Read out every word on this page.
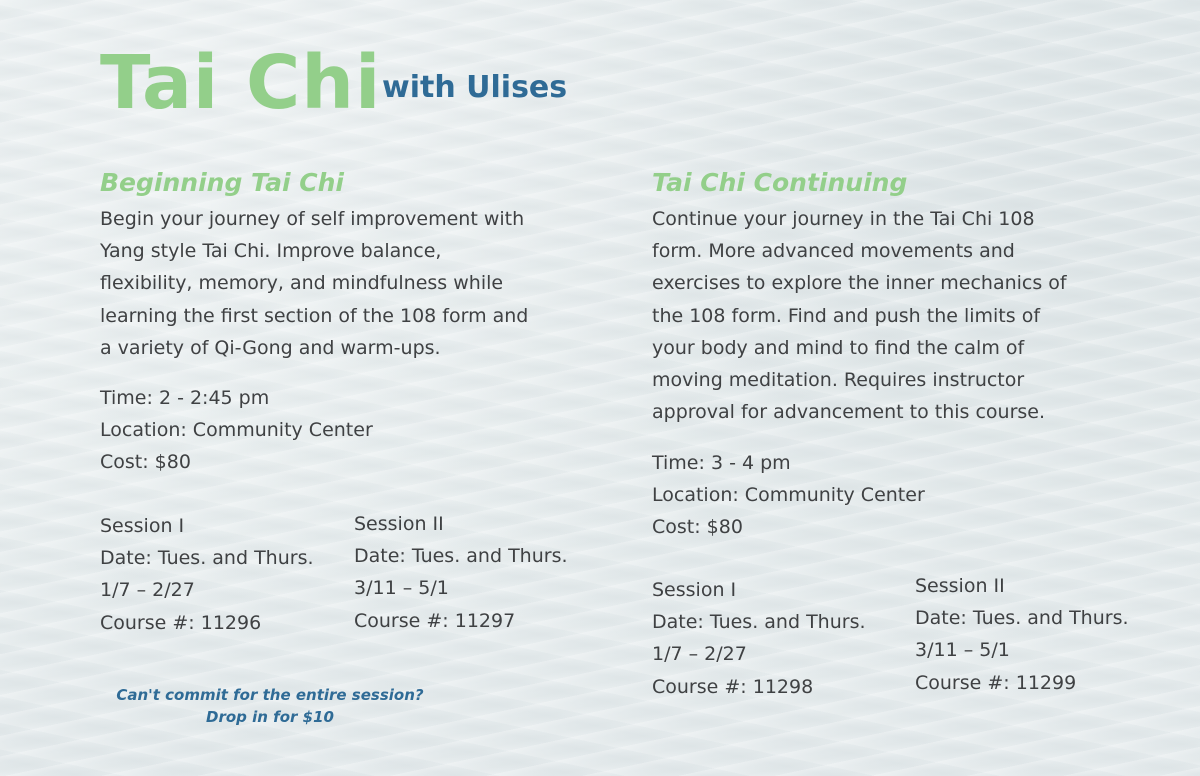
Tai Chi with Ulises
Beginning Tai Chi
Begin your journey of self improvement with
Yang style Tai Chi. Improve balance,
flexibility, memory, and mindfulness while
learning the first section of the 108 form and
a variety of Qi-Gong and warm-ups.
Time: 2 - 2:45 pm
Location: Community Center
Cost: $80
Session I
Date: Tues. and Thurs.
1/7 – 2/27
Course #: 11296
Session II
Date: Tues. and Thurs.
3/11 – 5/1
Course #: 11297
Can't commit for the entire session?
Drop in for $10
Tai Chi Continuing
Continue your journey in the Tai Chi 108
form. More advanced movements and
exercises to explore the inner mechanics of
the 108 form. Find and push the limits of
your body and mind to find the calm of
moving meditation. Requires instructor
approval for advancement to this course.
Time: 3 - 4 pm
Location: Community Center
Cost: $80
Session I
Date: Tues. and Thurs.
1/7 – 2/27
Course #: 11298
Session II
Date: Tues. and Thurs.
3/11 – 5/1
Course #: 11299
